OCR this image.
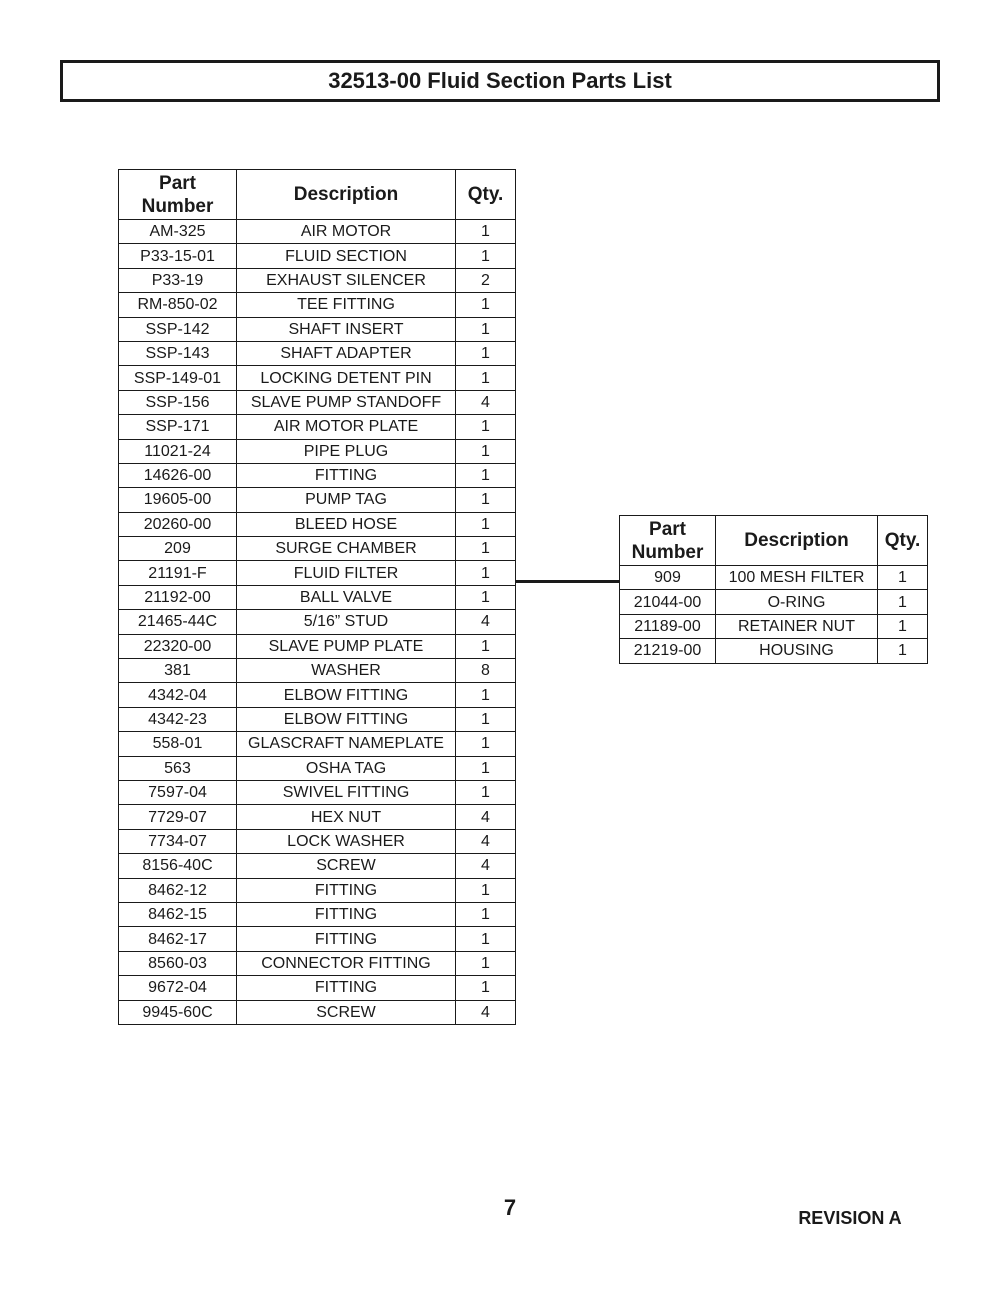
32513-00 Fluid Section Parts List
Part
Number	Description	Qty.
AM-325	AIR MOTOR	1
P33-15-01	FLUID SECTION	1
P33-19	EXHAUST SILENCER	2
RM-850-02	TEE FITTING	1
SSP-142	SHAFT INSERT	1
SSP-143	SHAFT ADAPTER	1
SSP-149-01	LOCKING DETENT PIN	1
SSP-156	SLAVE PUMP STANDOFF	4
SSP-171	AIR MOTOR PLATE	1
11021-24	PIPE PLUG	1
14626-00	FITTING	1
19605-00	PUMP TAG	1
20260-00	BLEED HOSE	1
209	SURGE CHAMBER	1
21191-F	FLUID FILTER	1
21192-00	BALL VALVE	1
21465-44C	5/16” STUD	4
22320-00	SLAVE PUMP PLATE	1
381	WASHER	8
4342-04	ELBOW FITTING	1
4342-23	ELBOW FITTING	1
558-01	GLASCRAFT NAMEPLATE	1
563	OSHA TAG	1
7597-04	SWIVEL FITTING	1
7729-07	HEX NUT	4
7734-07	LOCK WASHER	4
8156-40C	SCREW	4
8462-12	FITTING	1
8462-15	FITTING	1
8462-17	FITTING	1
8560-03	CONNECTOR FITTING	1
9672-04	FITTING	1
9945-60C	SCREW	4
Part
Number	Description	Qty.
909	100 MESH FILTER	1
21044-00	O-RING	1
21189-00	RETAINER NUT	1
21219-00	HOUSING	1
7	REVISION A
